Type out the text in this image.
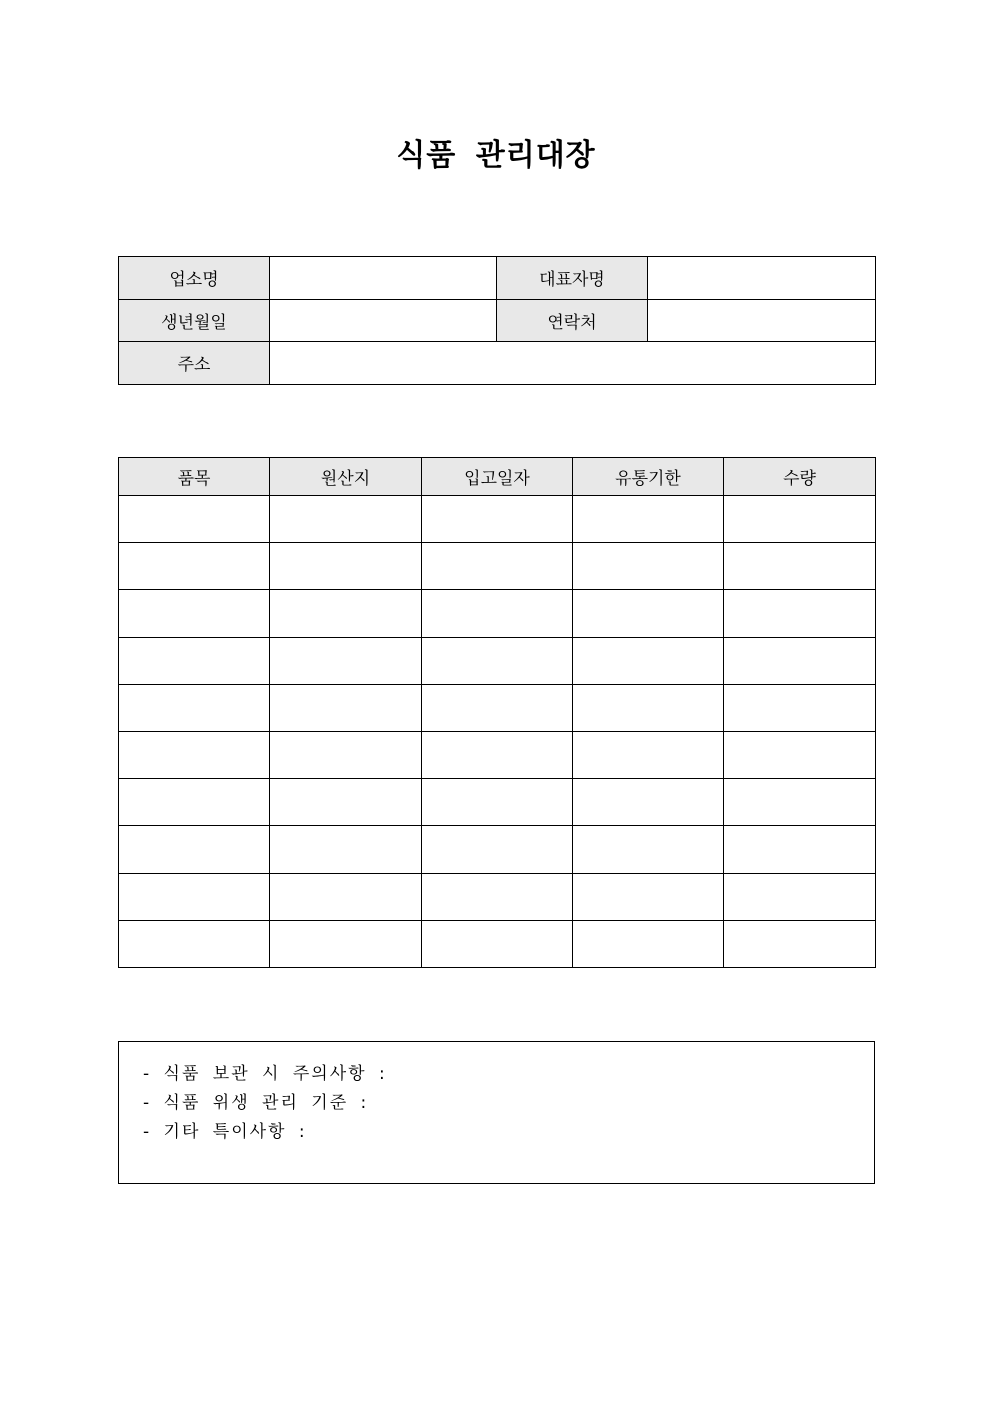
식품 관리대장
업소명		대표자명	
생년월일		연락처	
주소			
품목	원산지	입고일자	유통기한	수량

- 식품 보관 시 주의사항 :
- 식품 위생 관리 기준 :
- 기타 특이사항 :
